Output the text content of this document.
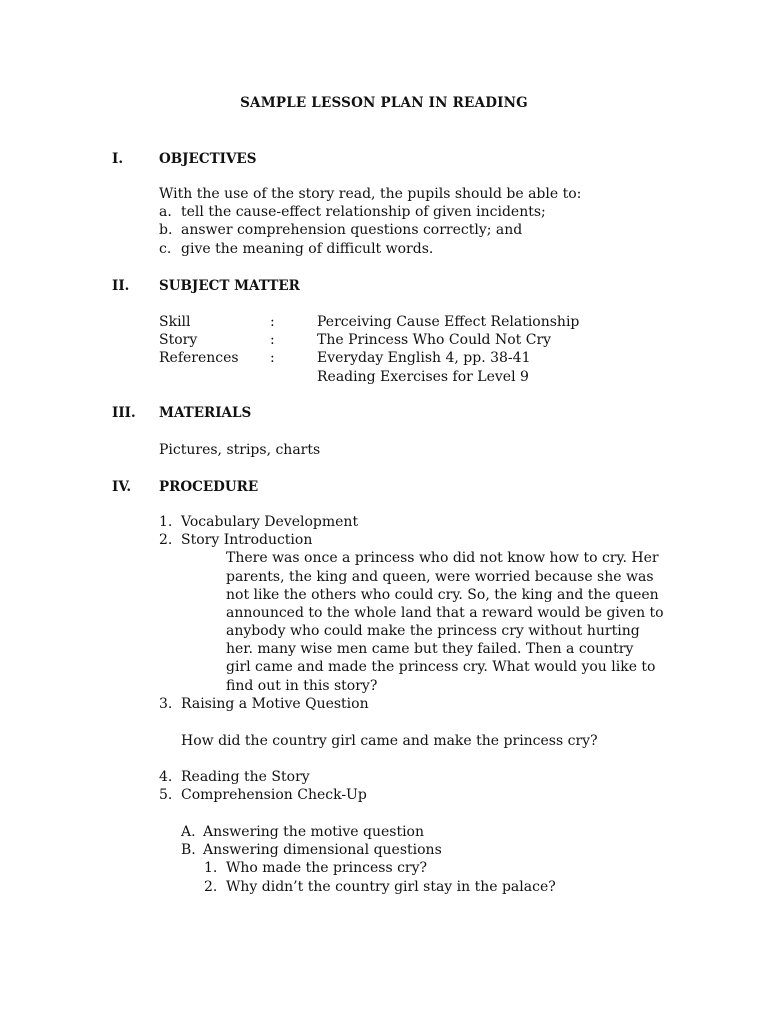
SAMPLE LESSON PLAN IN READING
I.	OBJECTIVES
With the use of the story read, the pupils should be able to:
a. tell the cause-effect relationship of given incidents;
b. answer comprehension questions correctly; and
c. give the meaning of difficult words.
II. SUBJECT MATTER
Skill	:	Perceiving Cause Effect Relationship
Story	:	The Princess Who Could Not Cry
References :	Everyday English 4, pp. 38-41
Reading Exercises for Level 9
III. MATERIALS
Pictures, strips, charts
IV. PROCEDURE
1. Vocabulary Development
2. Story Introduction
There was once a princess who did not know how to cry. Her
parents, the king and queen, were worried because she was
not like the others who could cry. So, the king and the queen
announced to the whole land that a reward would be given to
anybody who could make the princess cry without hurting
her. many wise men came but they failed. Then a country
girl came and made the princess cry. What would you like to
find out in this story?
3. Raising a Motive Question
How did the country girl came and make the princess cry?
4. Reading the Story
5. Comprehension Check-Up
A. Answering the motive question
B. Answering dimensional questions
1. Who made the princess cry?
2. Why didn’t the country girl stay in the palace?
